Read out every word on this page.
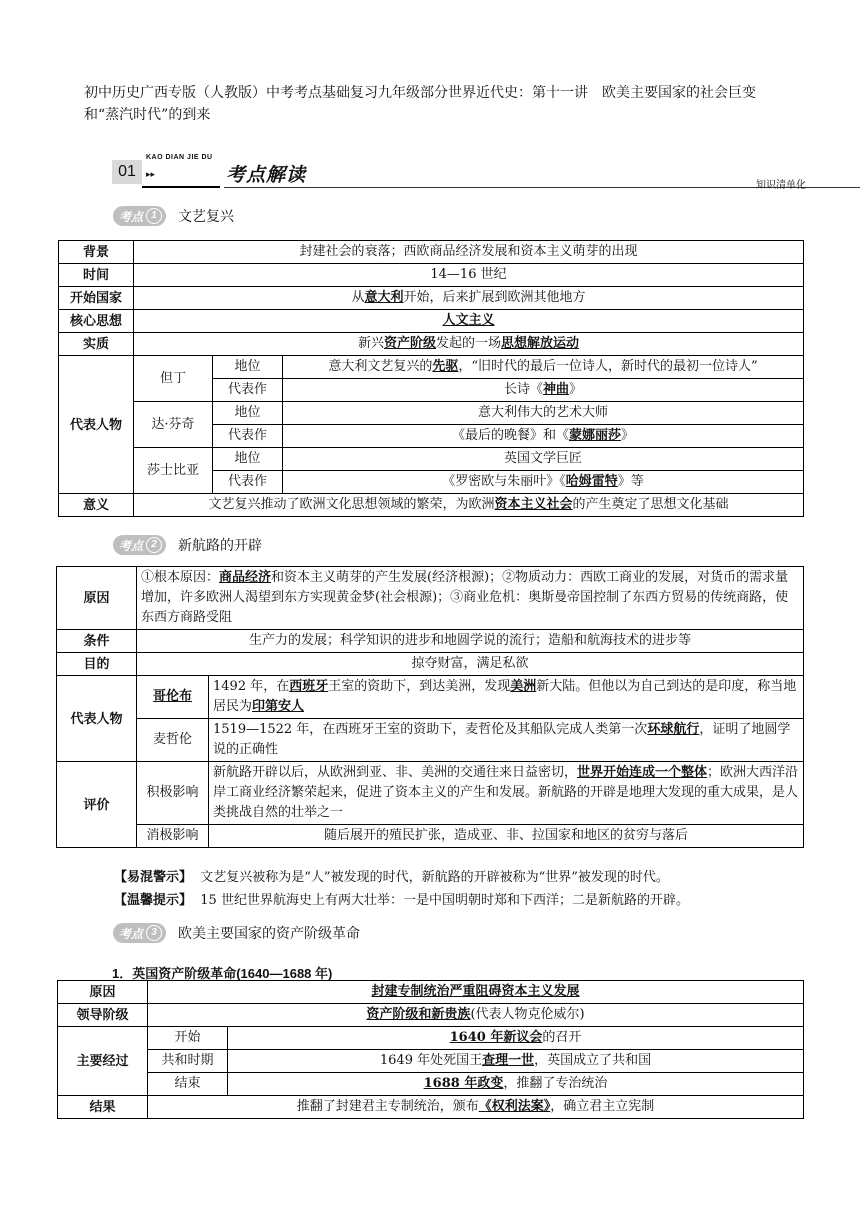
初中历史广西专版（人教版）中考考点基础复习九年级部分世界近代史：第十一讲　欧美主要国家的社会巨变和“蒸汽时代”的到来
01
KAO DIAN JIE DU
▸▸	考点解读	知识清单化
考点 1	文艺复兴
背景	封建社会的衰落；西欧商品经济发展和资本主义萌芽的出现		
时间	14—16 世纪		
开始国家	从意大利开始，后来扩展到欧洲其他地方		
核心思想	人文主义		
实质	新兴资产阶级发起的一场思想解放运动		
代表人物	但丁	地位	意大利文艺复兴的先驱，“旧时代的最后一位诗人，新时代的最初一位诗人”
		代表作	长诗《神曲》
	达·芬奇	地位	意大利伟大的艺术大师
		代表作	《最后的晚餐》和《蒙娜丽莎》
	莎士比亚	地位	英国文学巨匠
		代表作	《罗密欧与朱丽叶》《哈姆雷特》等
意义	文艺复兴推动了欧洲文化思想领域的繁荣，为欧洲资本主义社会的产生奠定了思想文化基础		
考点 2	新航路的开辟
原因	①根本原因：商品经济和资本主义萌芽的产生发展(经济根源)；②物质动力：西欧工商业的发展，对货币的需求量增加，许多欧洲人渴望到东方实现黄金梦(社会根源)；③商业危机：奥斯曼帝国控制了东西方贸易的传统商路，使东西方商路受阻	
条件	生产力的发展；科学知识的进步和地圆学说的流行；造船和航海技术的进步等	
目的	掠夺财富，满足私欲	
代表人物	哥伦布	1492 年，在西班牙王室的资助下，到达美洲，发现美洲新大陆。但他以为自己到达的是印度，称当地居民为印第安人
	麦哲伦	1519—1522 年，在西班牙王室的资助下，麦哲伦及其船队完成人类第一次环球航行，证明了地圆学说的正确性
评价	积极影响	新航路开辟以后，从欧洲到亚、非、美洲的交通往来日益密切，世界开始连成一个整体；欧洲大西洋沿岸工商业经济繁荣起来，促进了资本主义的产生和发展。新航路的开辟是地理大发现的重大成果，是人类挑战自然的壮举之一
	消极影响	随后展开的殖民扩张，造成亚、非、拉国家和地区的贫穷与落后
【易混警示】 文艺复兴被称为是“人”被发现的时代，新航路的开辟被称为“世界”被发现的时代。
【温馨提示】 15 世纪世界航海史上有两大壮举：一是中国明朝时郑和下西洋；二是新航路的开辟。
考点 3	欧美主要国家的资产阶级革命
1．英国资产阶级革命(1640—1688 年)
原因	封建专制统治严重阻碍资本主义发展	
领导阶级	资产阶级和新贵族(代表人物克伦威尔)	
主要经过	开始	1640 年新议会的召开
	共和时期	1649 年处死国王查理一世，英国成立了共和国
	结束	1688 年政变，推翻了专治统治
结果	推翻了封建君主专制统治，颁布《权利法案》，确立君主立宪制	
